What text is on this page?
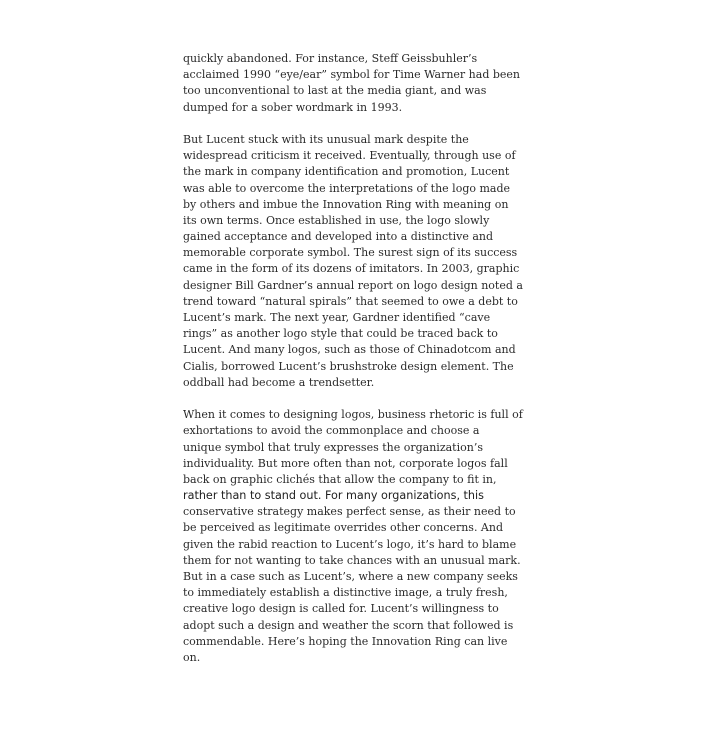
quickly abandoned. For instance, Steff Geissbuhler’s
acclaimed 1990 “eye/ear” symbol for Time Warner had been
too unconventional to last at the media giant, and was
dumped for a sober wordmark in 1993.
But Lucent stuck with its unusual mark despite the
widespread criticism it received. Eventually, through use of
the mark in company identification and promotion, Lucent
was able to overcome the interpretations of the logo made
by others and imbue the Innovation Ring with meaning on
its own terms. Once established in use, the logo slowly
gained acceptance and developed into a distinctive and
memorable corporate symbol. The surest sign of its success
came in the form of its dozens of imitators. In 2003, graphic
designer Bill Gardner’s annual report on logo design noted a
trend toward “natural spirals” that seemed to owe a debt to
Lucent’s mark. The next year, Gardner identified “cave
rings” as another logo style that could be traced back to
Lucent. And many logos, such as those of Chinadotcom and
Cialis, borrowed Lucent’s brushstroke design element. The
oddball had become a trendsetter.
When it comes to designing logos, business rhetoric is full of
exhortations to avoid the commonplace and choose a
unique symbol that truly expresses the organization’s
individuality. But more often than not, corporate logos fall
back on graphic clichés that allow the company to fit in,
rather than to stand out. For many organizations, this
conservative strategy makes perfect sense, as their need to
be perceived as legitimate overrides other concerns. And
given the rabid reaction to Lucent’s logo, it’s hard to blame
them for not wanting to take chances with an unusual mark.
But in a case such as Lucent’s, where a new company seeks
to immediately establish a distinctive image, a truly fresh,
creative logo design is called for. Lucent’s willingness to
adopt such a design and weather the scorn that followed is
commendable. Here’s hoping the Innovation Ring can live
on.
